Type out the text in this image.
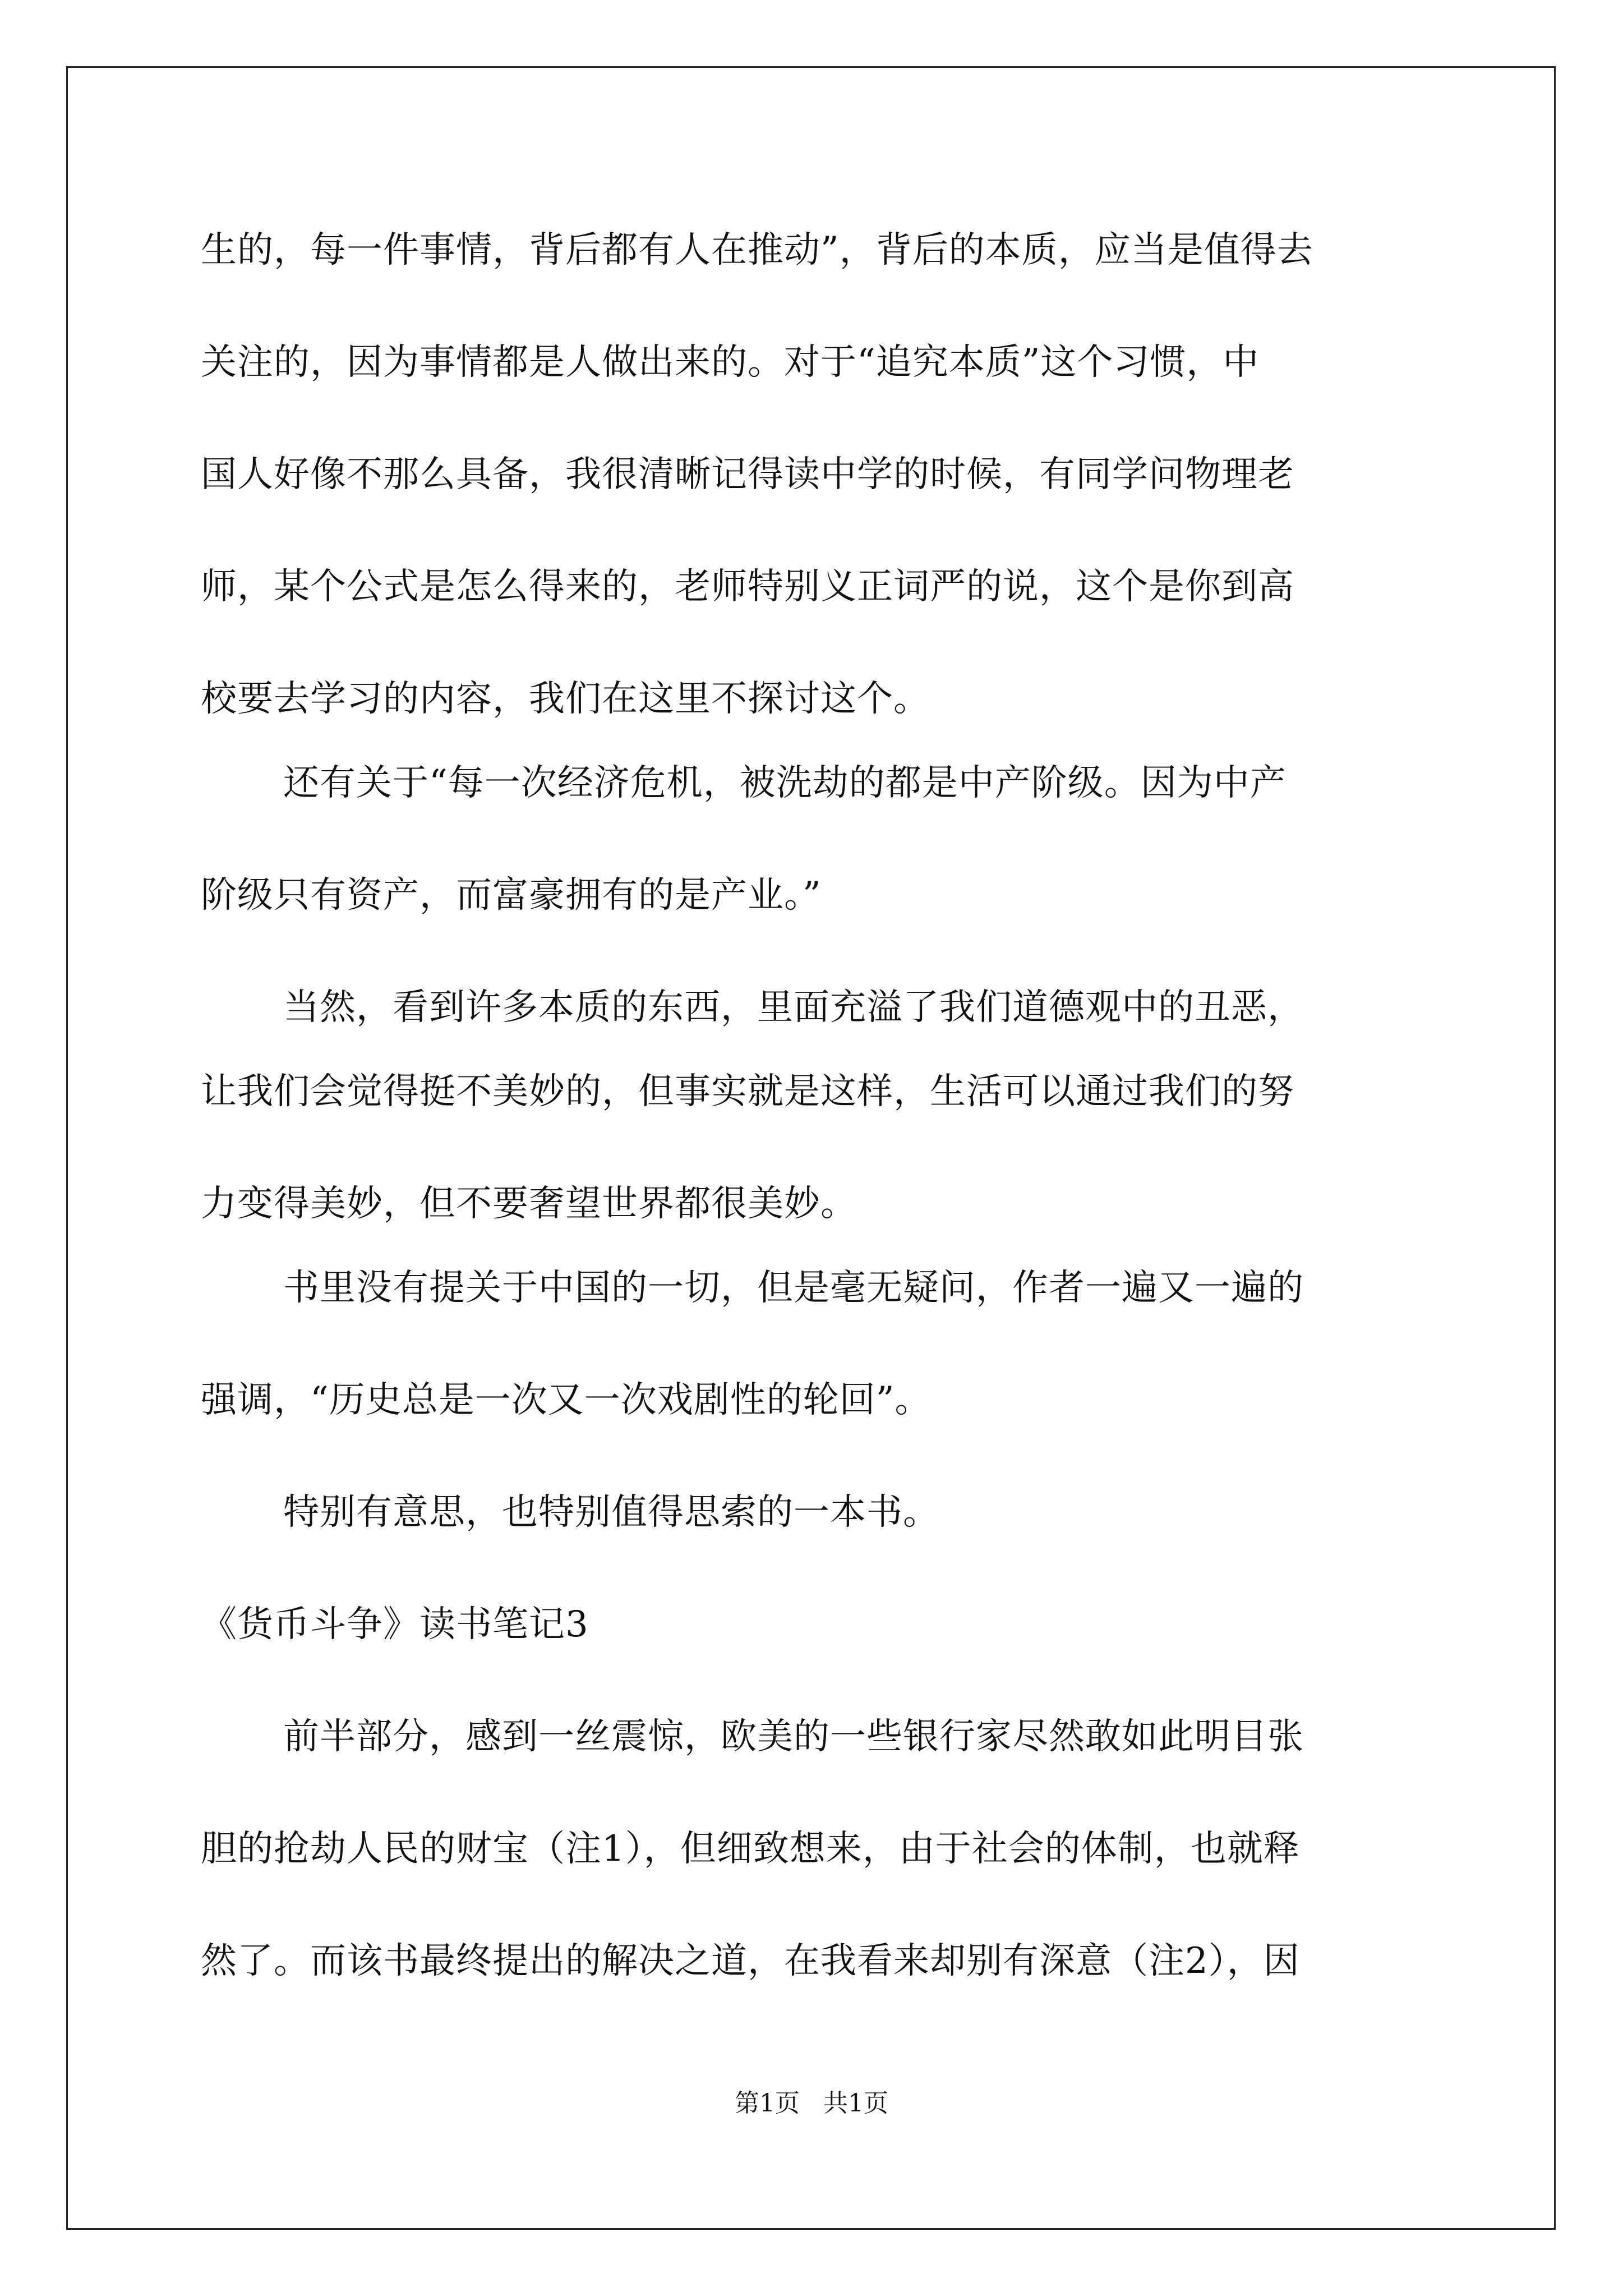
生的，每一件事情，背后都有人在推动”，背后的本质，应当是值得去
关注的，因为事情都是人做出来的。对于“追究本质”这个习惯，中
国人好像不那么具备，我很清晰记得读中学的时候，有同学问物理老
师，某个公式是怎么得来的，老师特别义正词严的说，这个是你到高
校要去学习的内容，我们在这里不探讨这个。
还有关于“每一次经济危机，被洗劫的都是中产阶级。因为中产
阶级只有资产，而富豪拥有的是产业。”
当然，看到许多本质的东西，里面充溢了我们道德观中的丑恶，
让我们会觉得挺不美妙的，但事实就是这样，生活可以通过我们的努
力变得美妙，但不要奢望世界都很美妙。
书里没有提关于中国的一切，但是毫无疑问，作者一遍又一遍的
强调，“历史总是一次又一次戏剧性的轮回”。
特别有意思，也特别值得思索的一本书。
《货币斗争》读书笔记3
前半部分，感到一丝震惊，欧美的一些银行家尽然敢如此明目张
胆的抢劫人民的财宝（注1），但细致想来，由于社会的体制，也就释
然了。而该书最终提出的解决之道，在我看来却别有深意（注2），因
第1页   共1页
